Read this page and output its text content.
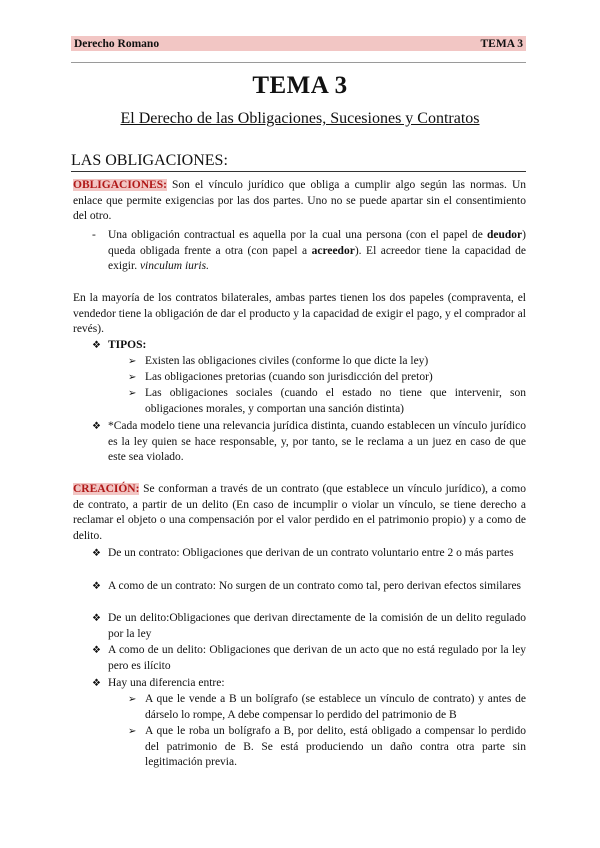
Derecho Romano	TEMA 3
TEMA 3
El Derecho de las Obligaciones, Sucesiones y Contratos
LAS OBLIGACIONES:
OBLIGACIONES: Son el vínculo jurídico que obliga a cumplir algo según las normas. Un enlace que permite exigencias por las dos partes. Uno no se puede apartar sin el consentimiento del otro.
- Una obligación contractual es aquella por la cual una persona (con el papel de deudor) queda obligada frente a otra (con papel a acreedor). El acreedor tiene la capacidad de exigir. vinculum iuris.
En la mayoría de los contratos bilaterales, ambas partes tienen los dos papeles (compraventa, el vendedor tiene la obligación de dar el producto y la capacidad de exigir el pago, y el comprador al revés).
❖ TIPOS:
➢ Existen las obligaciones civiles (conforme lo que dicte la ley)
➢ Las obligaciones pretorias (cuando son jurisdicción del pretor)
➢ Las obligaciones sociales (cuando el estado no tiene que intervenir, son obligaciones morales, y comportan una sanción distinta)
❖ *Cada modelo tiene una relevancia jurídica distinta, cuando establecen un vínculo jurídico es la ley quien se hace responsable, y, por tanto, se le reclama a un juez en caso de que este sea violado.
CREACIÓN: Se conforman a través de un contrato (que establece un vínculo jurídico), a como de contrato, a partir de un delito (En caso de incumplir o violar un vínculo, se tiene derecho a reclamar el objeto o una compensación por el valor perdido en el patrimonio propio) y a como de delito.
❖ De un contrato: Obligaciones que derivan de un contrato voluntario entre 2 o más partes
❖ A como de un contrato: No surgen de un contrato como tal, pero derivan efectos similares
❖ De un delito:Obligaciones que derivan directamente de la comisión de un delito regulado por la ley
❖ A como de un delito: Obligaciones que derivan de un acto que no está regulado por la ley pero es ilícito
❖ Hay una diferencia entre:
➢ A que le vende a B un bolígrafo (se establece un vínculo de contrato) y antes de dárselo lo rompe, A debe compensar lo perdido del patrimonio de B
➢ A que le roba un bolígrafo a B, por delito, está obligado a compensar lo perdido del patrimonio de B. Se está produciendo un daño contra otra parte sin legitimación previa.
